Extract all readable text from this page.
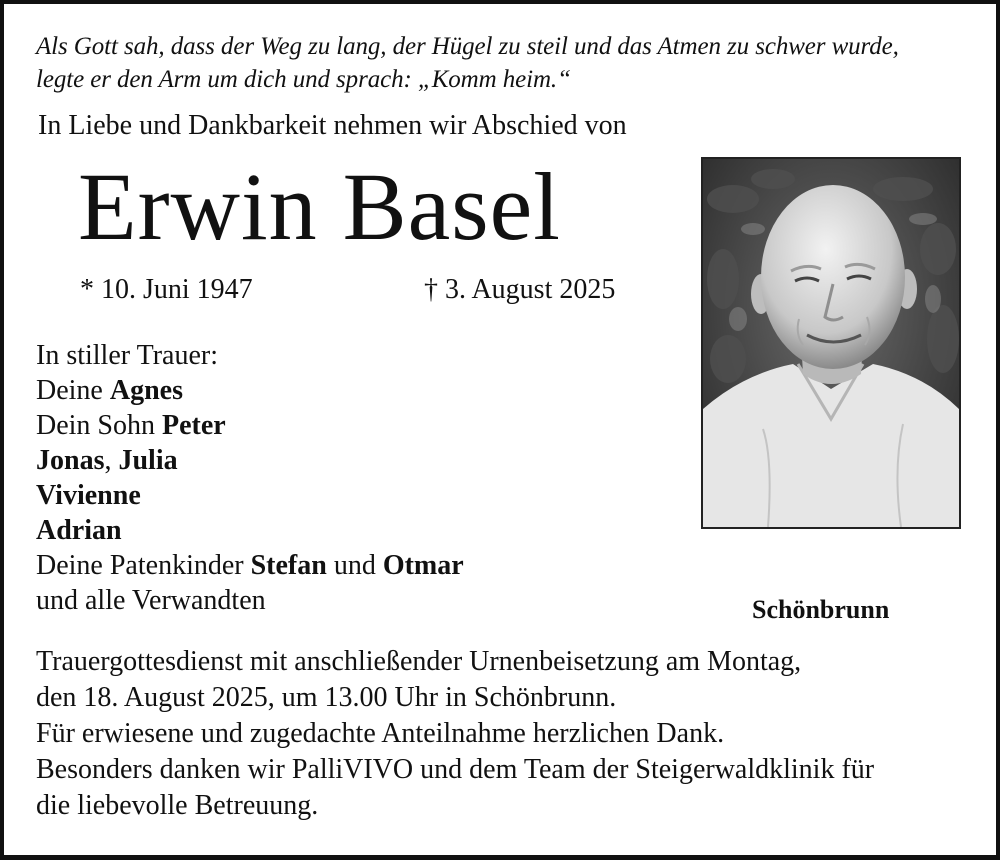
Als Gott sah, dass der Weg zu lang, der Hügel zu steil und das Atmen zu schwer wurde,
legte er den Arm um dich und sprach: „Komm heim.“
In Liebe und Dankbarkeit nehmen wir Abschied von
Erwin Basel
* 10. Juni 1947	† 3. August 2025
In stiller Trauer:
Deine Agnes
Dein Sohn Peter
Jonas, Julia
Vivienne
Adrian
Deine Patenkinder Stefan und Otmar
und alle Verwandten	Schönbrunn
Trauergottesdienst mit anschließender Urnenbeisetzung am Montag,
den 18. August 2025, um 13.00 Uhr in Schönbrunn.
Für erwiesene und zugedachte Anteilnahme herzlichen Dank.
Besonders danken wir PalliVIVO und dem Team der Steigerwaldklinik für
die liebevolle Betreuung.
